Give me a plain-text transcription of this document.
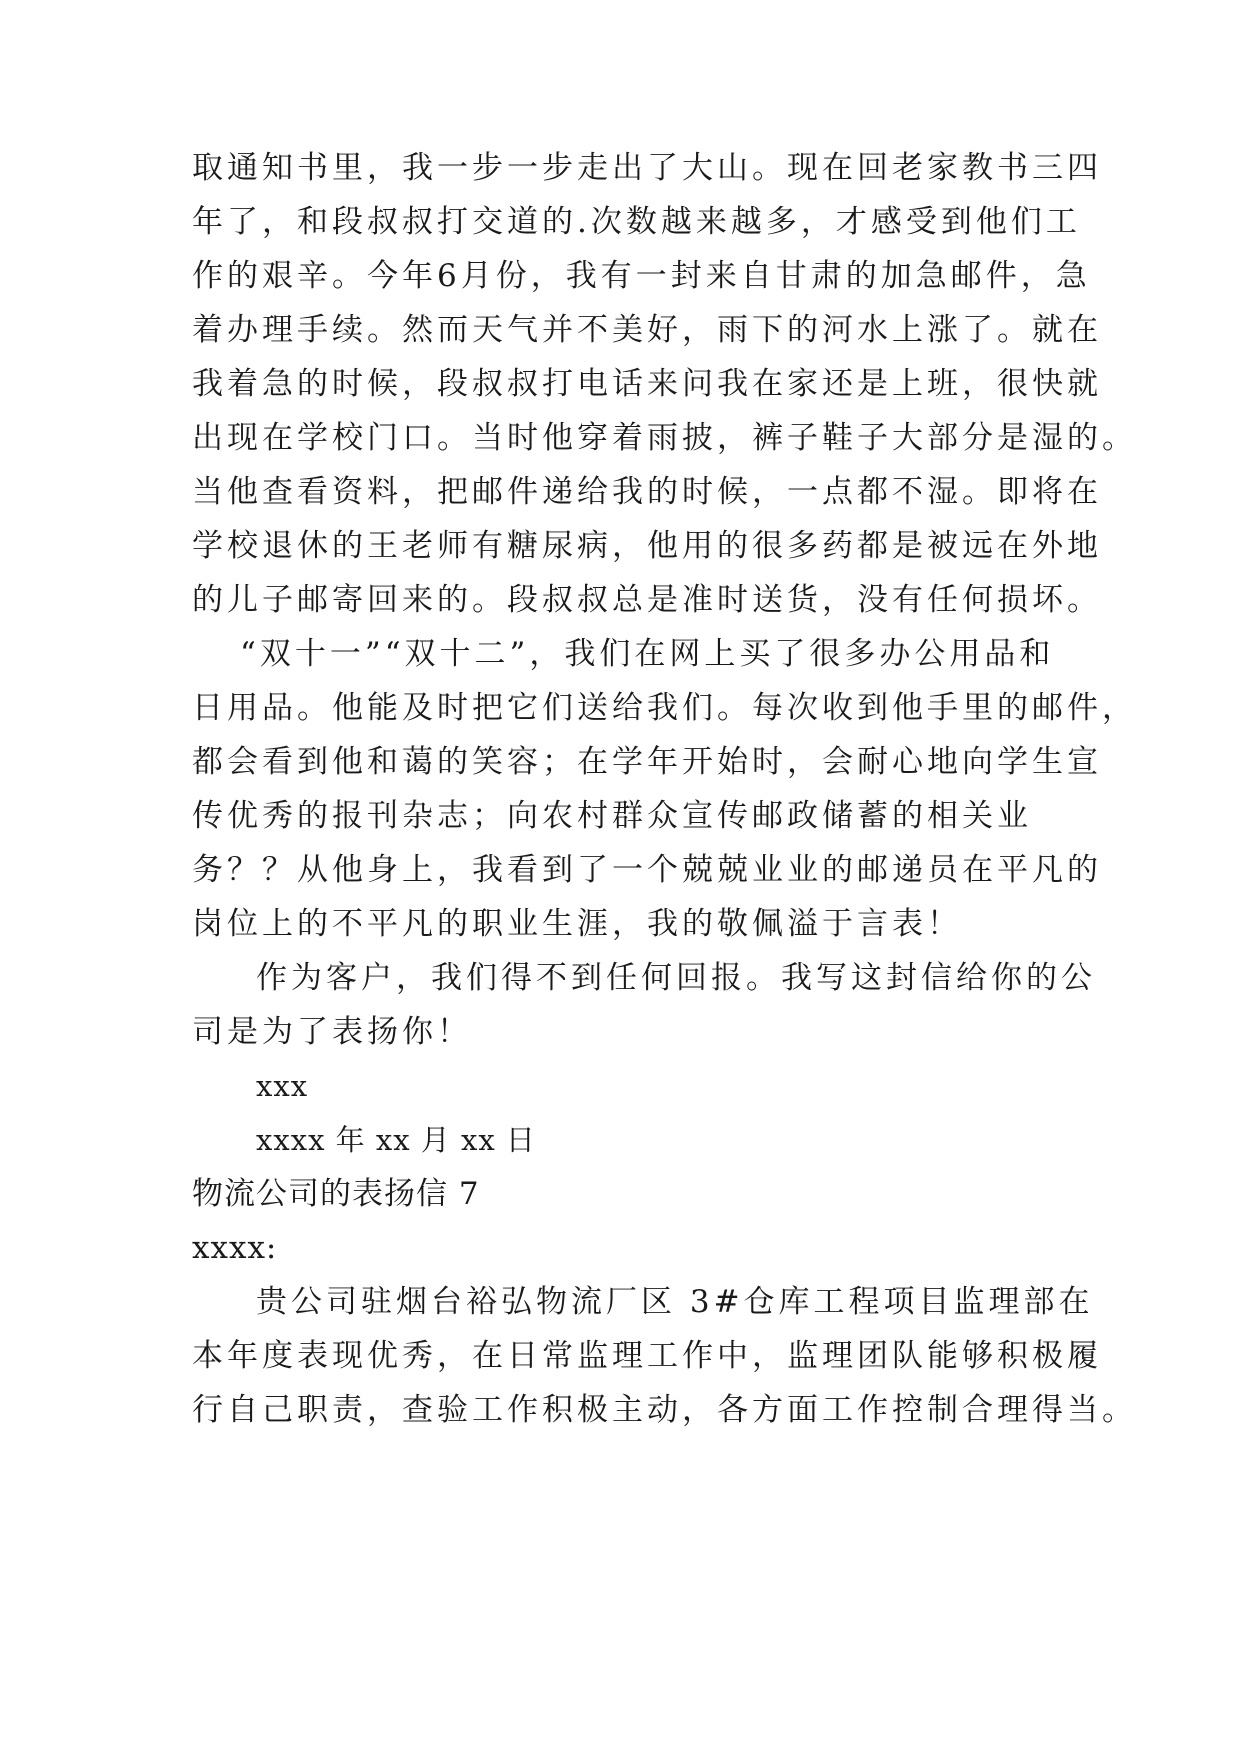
取通知书里，我一步一步走出了大山。现在回老家教书三四
年了，和段叔叔打交道的.次数越来越多，才感受到他们工
作的艰辛。今年6月份，我有一封来自甘肃的加急邮件，急
着办理手续。然而天气并不美好，雨下的河水上涨了。就在
我着急的时候，段叔叔打电话来问我在家还是上班，很快就
出现在学校门口。当时他穿着雨披，裤子鞋子大部分是湿的。
当他查看资料，把邮件递给我的时候，一点都不湿。即将在
学校退休的王老师有糖尿病，他用的很多药都是被远在外地
的儿子邮寄回来的。段叔叔总是准时送货，没有任何损坏。
“双十一”“双十二”，我们在网上买了很多办公用品和
日用品。他能及时把它们送给我们。每次收到他手里的邮件，
都会看到他和蔼的笑容；在学年开始时，会耐心地向学生宣
传优秀的报刊杂志；向农村群众宣传邮政储蓄的相关业
务？？从他身上，我看到了一个兢兢业业的邮递员在平凡的
岗位上的不平凡的职业生涯，我的敬佩溢于言表！
作为客户，我们得不到任何回报。我写这封信给你的公
司是为了表扬你！
xxx
xxxx 年 xx 月 xx 日
物流公司的表扬信 7
xxxx:
贵公司驻烟台裕弘物流厂区 3#仓库工程项目监理部在
本年度表现优秀，在日常监理工作中，监理团队能够积极履
行自己职责，查验工作积极主动，各方面工作控制合理得当。
